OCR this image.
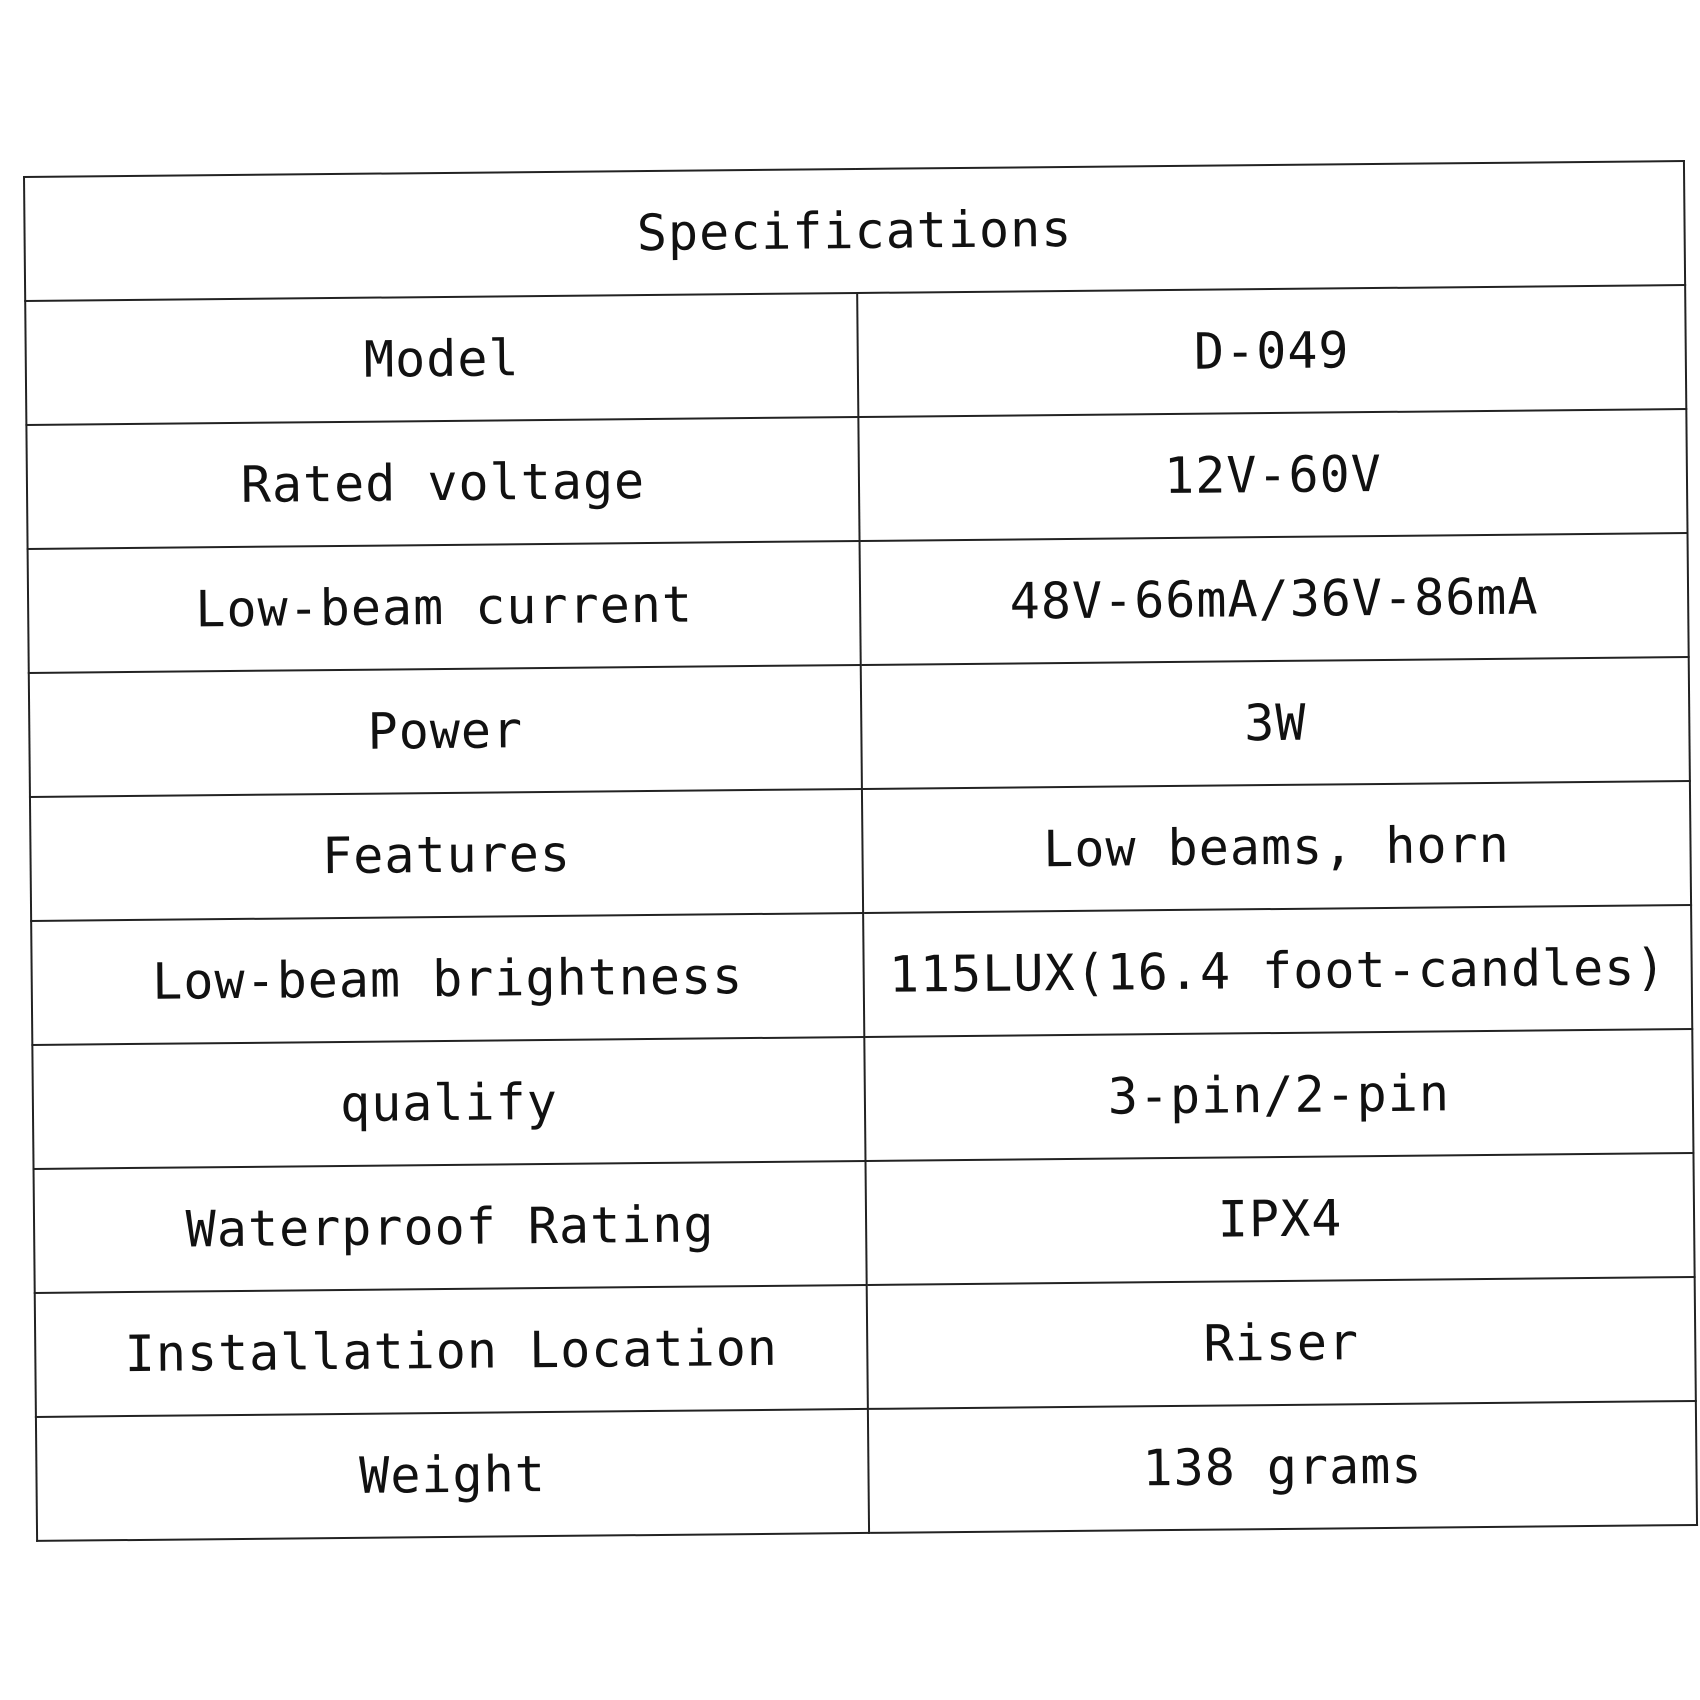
Specifications	
Model	D-049
Rated voltage	12V-60V
Low-beam current	48V-66mA/36V-86mA
Power	3W
Features	Low beams, horn
Low-beam brightness	115LUX(16.4 foot-candles)
qualify	3-pin/2-pin
Waterproof Rating	IPX4
Installation Location	Riser
Weight	138 grams
